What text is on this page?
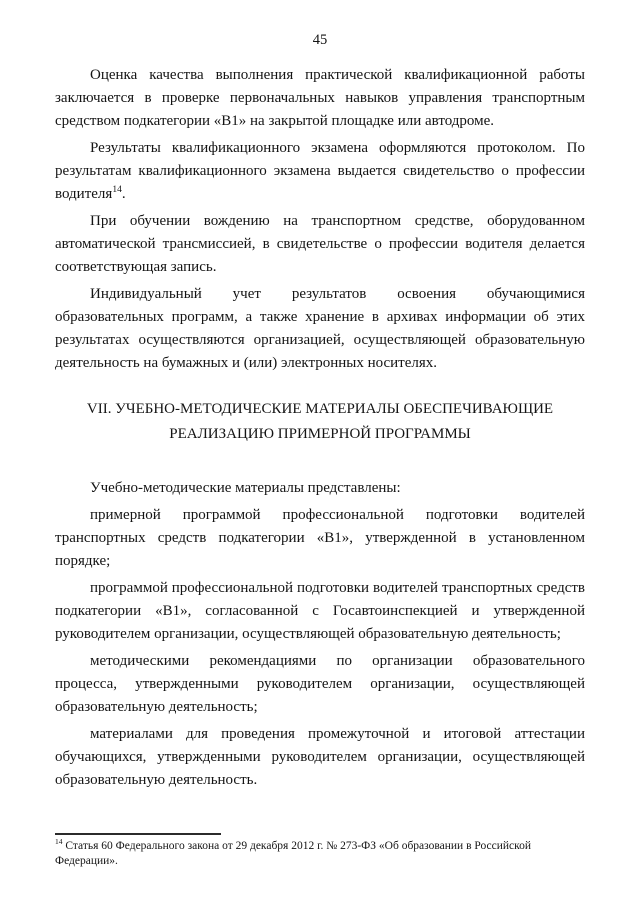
45

Оценка качества выполнения практической квалификационной работы заключается в проверке первоначальных навыков управления транспортным средством подкатегории «В1» на закрытой площадке или автодроме.

Результаты квалификационного экзамена оформляются протоколом. По результатам квалификационного экзамена выдается свидетельство о профессии водителя$^{14}$.

При обучении вождению на транспортном средстве, оборудованном автоматической трансмиссией, в свидетельстве о профессии водителя делается соответствующая запись.

Индивидуальный учет результатов освоения обучающимися образовательных программ, а также хранение в архивах информации об этих результатах осуществляются организацией, осуществляющей образовательную деятельность на бумажных и (или) электронных носителях.

VII. УЧЕБНО-МЕТОДИЧЕСКИЕ МАТЕРИАЛЫ ОБЕСПЕЧИВАЮЩИЕ
РЕАЛИЗАЦИЮ ПРИМЕРНОЙ ПРОГРАММЫ

Учебно-методические материалы представлены:

примерной программой профессиональной подготовки водителей транспортных средств подкатегории «В1», утвержденной в установленном порядке;

программой профессиональной подготовки водителей транспортных средств подкатегории «В1», согласованной с Госавтоинспекцией и утвержденной руководителем организации, осуществляющей образовательную деятельность;

методическими рекомендациями по организации образовательного процесса, утвержденными руководителем организации, осуществляющей образовательную деятельность;

материалами для проведения промежуточной и итоговой аттестации обучающихся, утвержденными руководителем организации, осуществляющей образовательную деятельность.

$^{14}$ Статья 60 Федерального закона от 29 декабря 2012 г. № 273-ФЗ «Об образовании в Российской Федерации».
